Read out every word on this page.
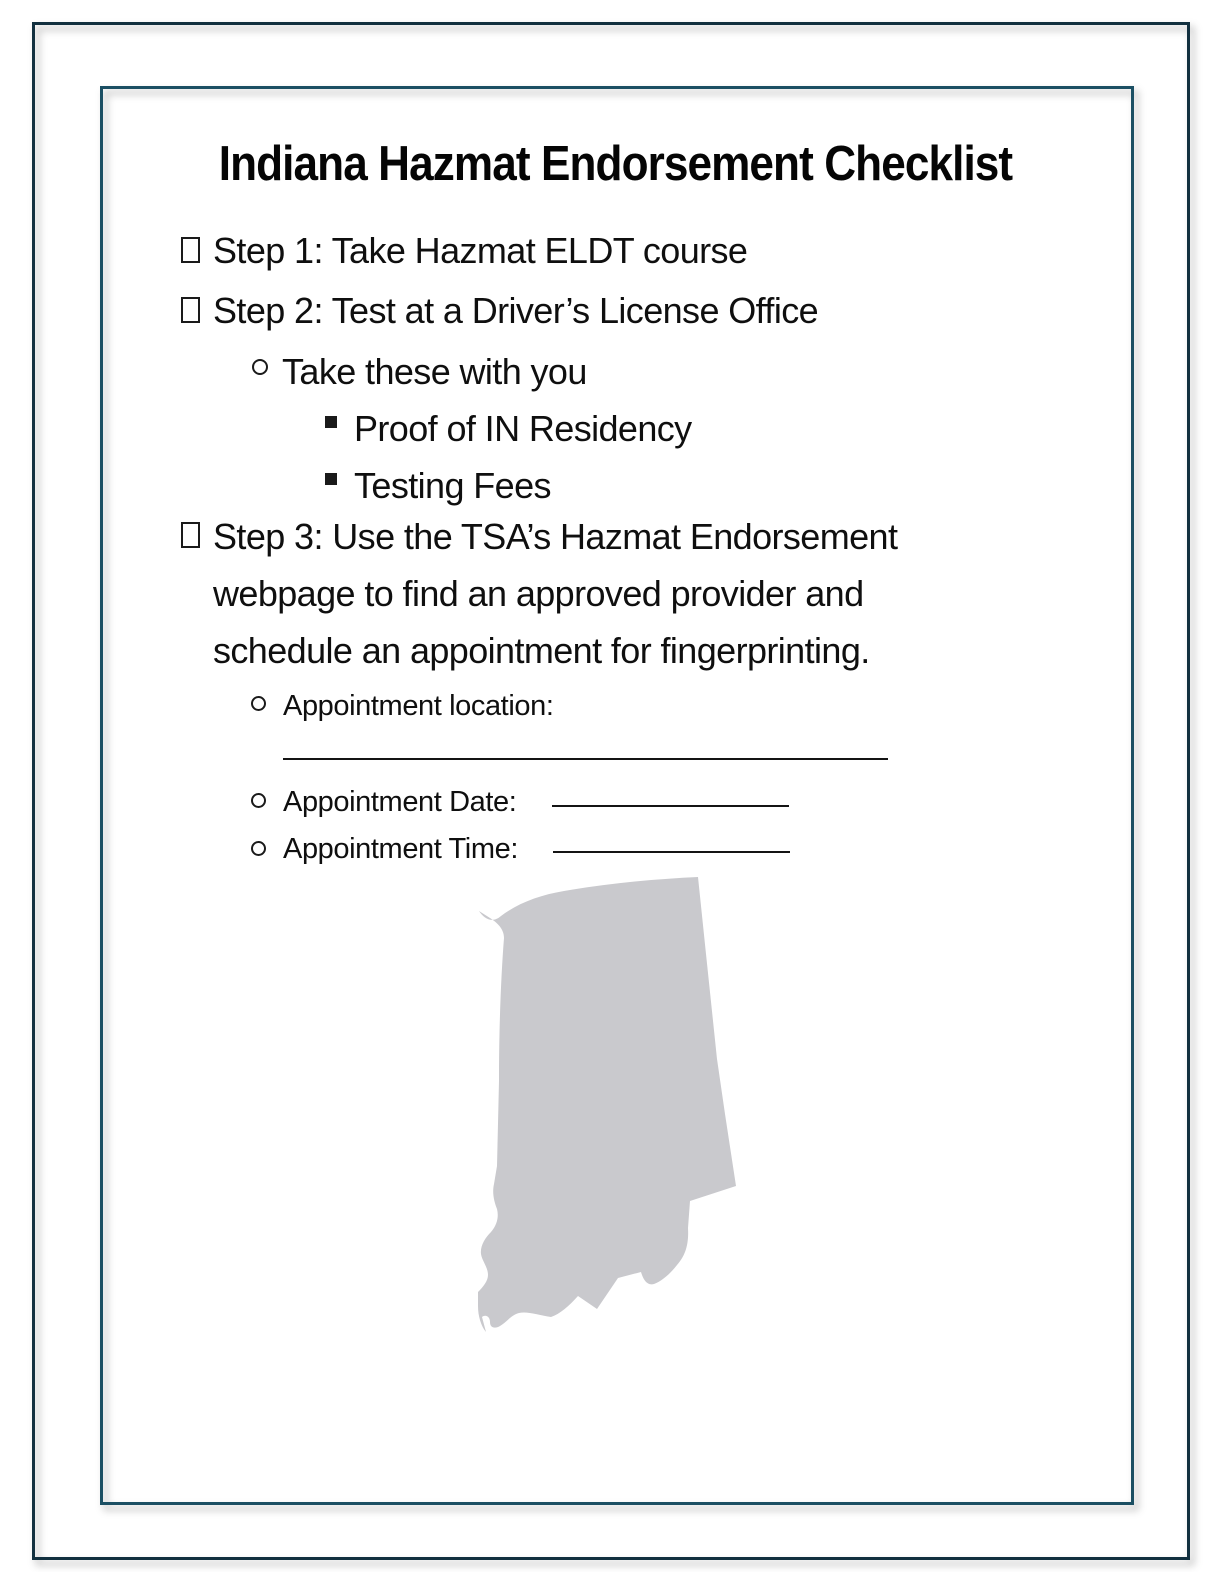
Indiana Hazmat Endorsement Checklist
Step 1: Take Hazmat ELDT course
Step 2: Test at a Driver’s License Office
Take these with you
Proof of IN Residency
Testing Fees
Step 3: Use the TSA’s Hazmat Endorsement
webpage to find an approved provider and
schedule an appointment for fingerprinting.
Appointment location:
Appointment Date:
Appointment Time:
